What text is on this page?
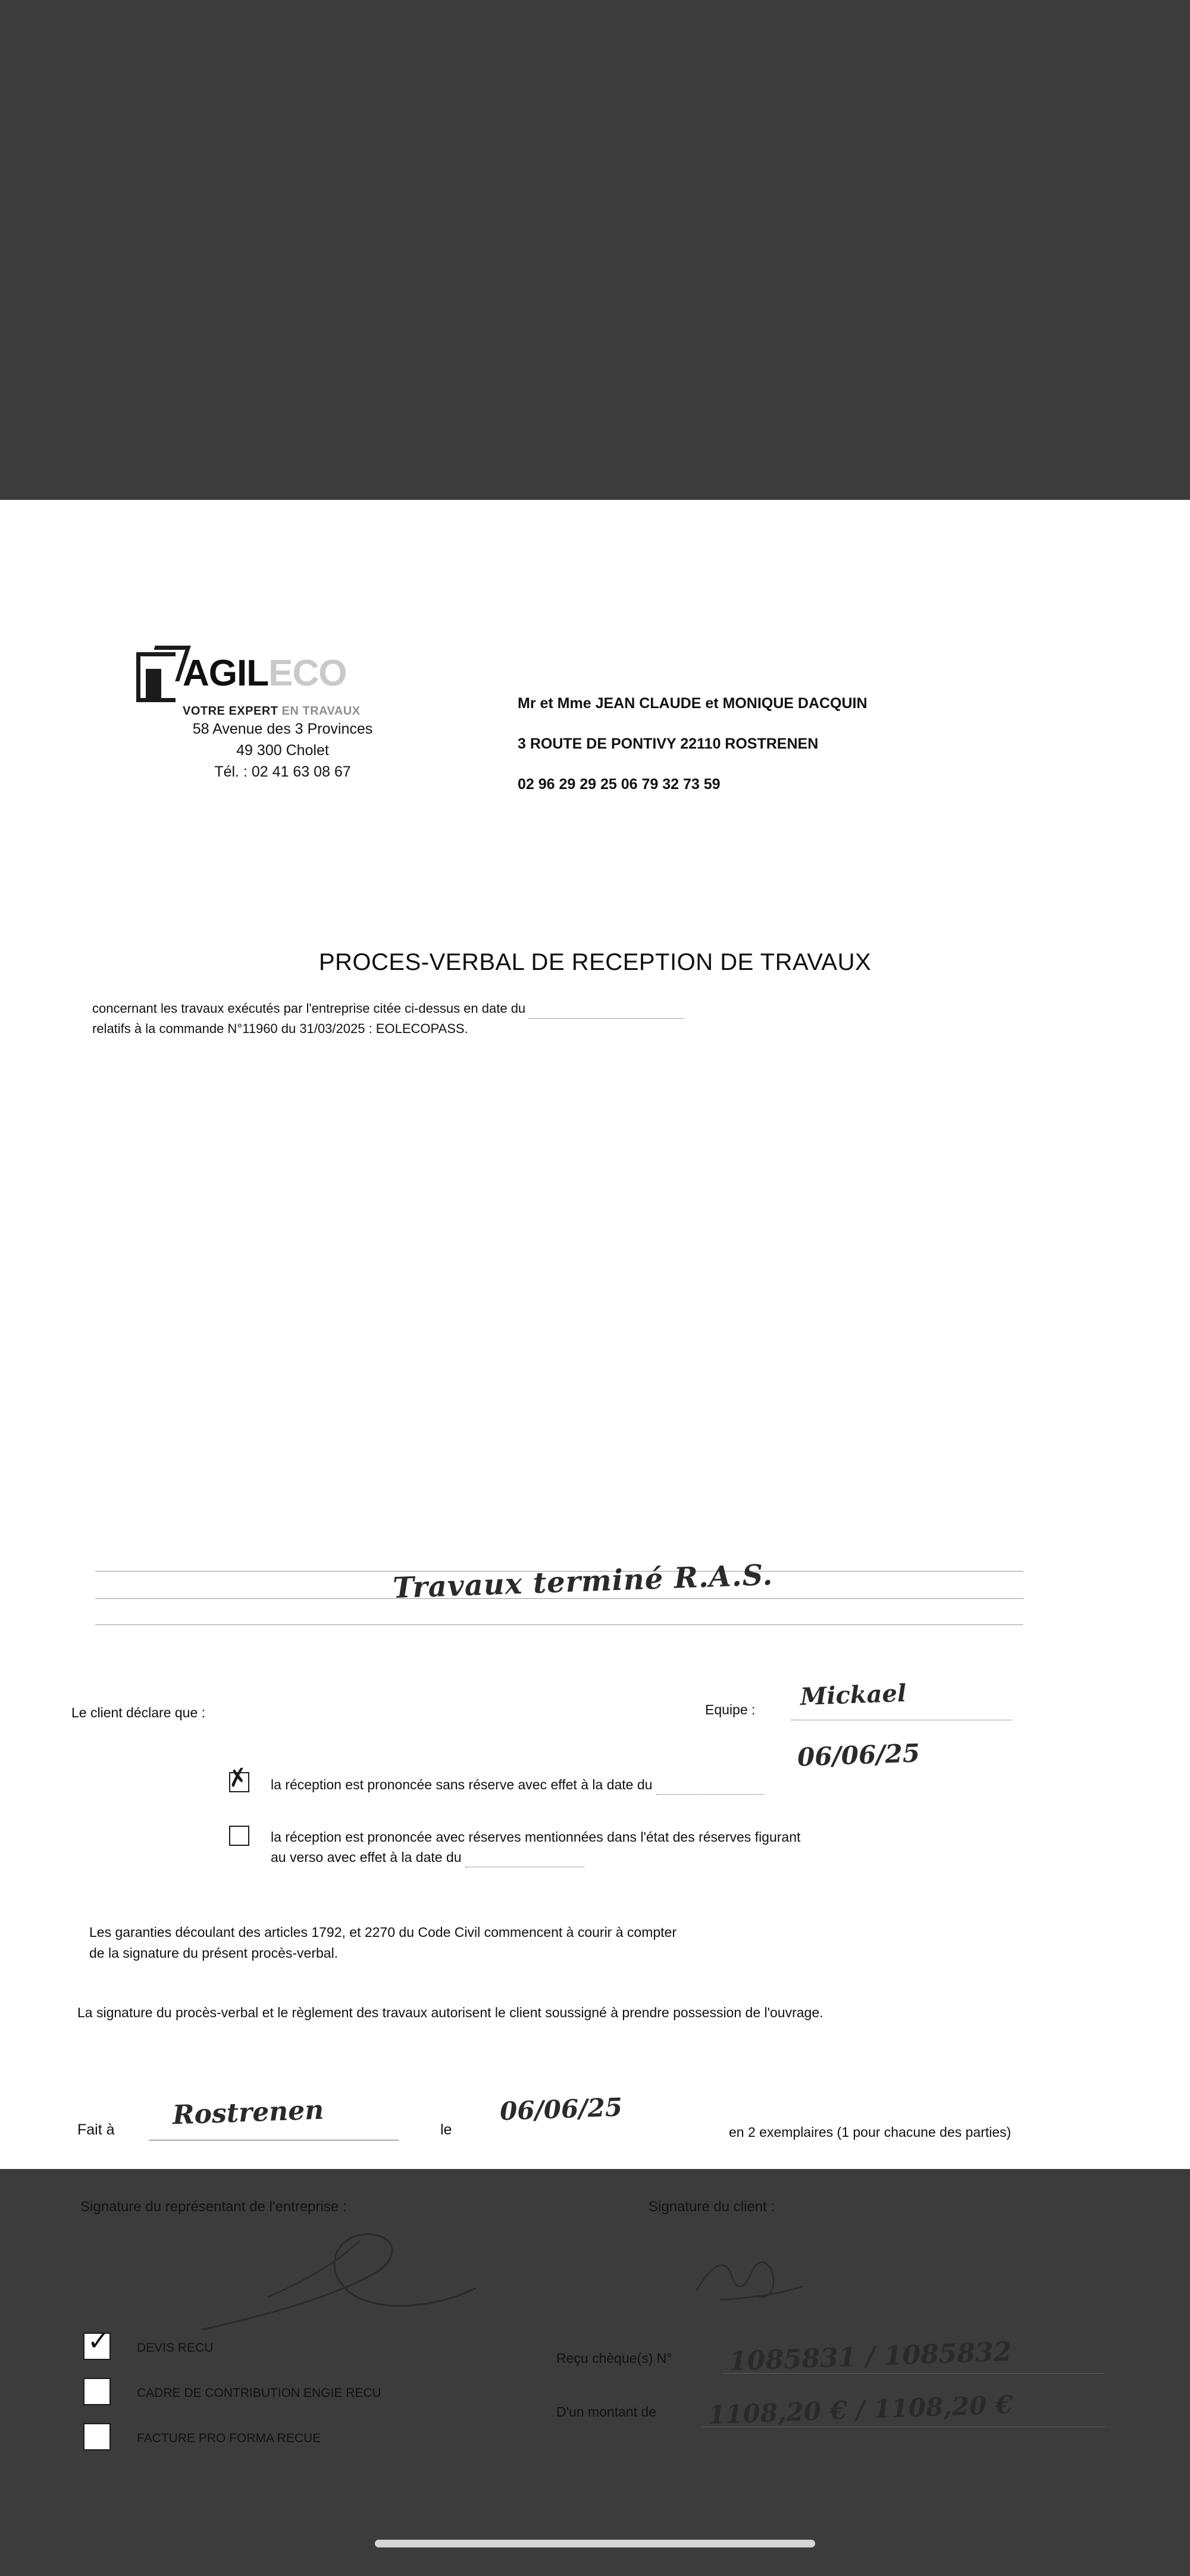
AGILECO
VOTRE EXPERT EN TRAVAUX
58 Avenue des 3 Provinces
49 300 Cholet
Tél. : 02 41 63 08 67
Mr et Mme JEAN CLAUDE et MONIQUE DACQUIN
3 ROUTE DE PONTIVY 22110 ROSTRENEN
02 96 29 29 25 06 79 32 73 59
PROCES-VERBAL DE RECEPTION DE TRAVAUX
concernant les travaux exécutés par l'entreprise citée ci-dessus en date du
relatifs à la commande N°11960 du 31/03/2025 : EOLECOPASS.
Travaux terminé R.A.S.
Le client déclare que :	Equipe : Mickael
✗
la réception est prononcée sans réserve avec effet à la date du
06/06/25
la réception est prononcée avec réserves mentionnées dans l'état des réserves figurant
au verso avec effet à la date du
Les garanties découlant des articles 1792, et 2270 du Code Civil commencent à courir à compter
de la signature du présent procès-verbal.
La signature du procès-verbal et le règlement des travaux autorisent le client soussigné à prendre possession de l'ouvrage.
Fait à Rostrenen	le
06/06/25
en 2 exemplaires (1 pour chacune des parties)
Signature du représentant de l'entreprise :	Signature du client :
✓
DEVIS RECU
CADRE DE CONTRIBUTION ENGIE RECU
FACTURE PRO FORMA RECUE
Reçu chèque(s) N° 1085831 / 1085832
D'un montant de 1108,20 € / 1108,20 €
